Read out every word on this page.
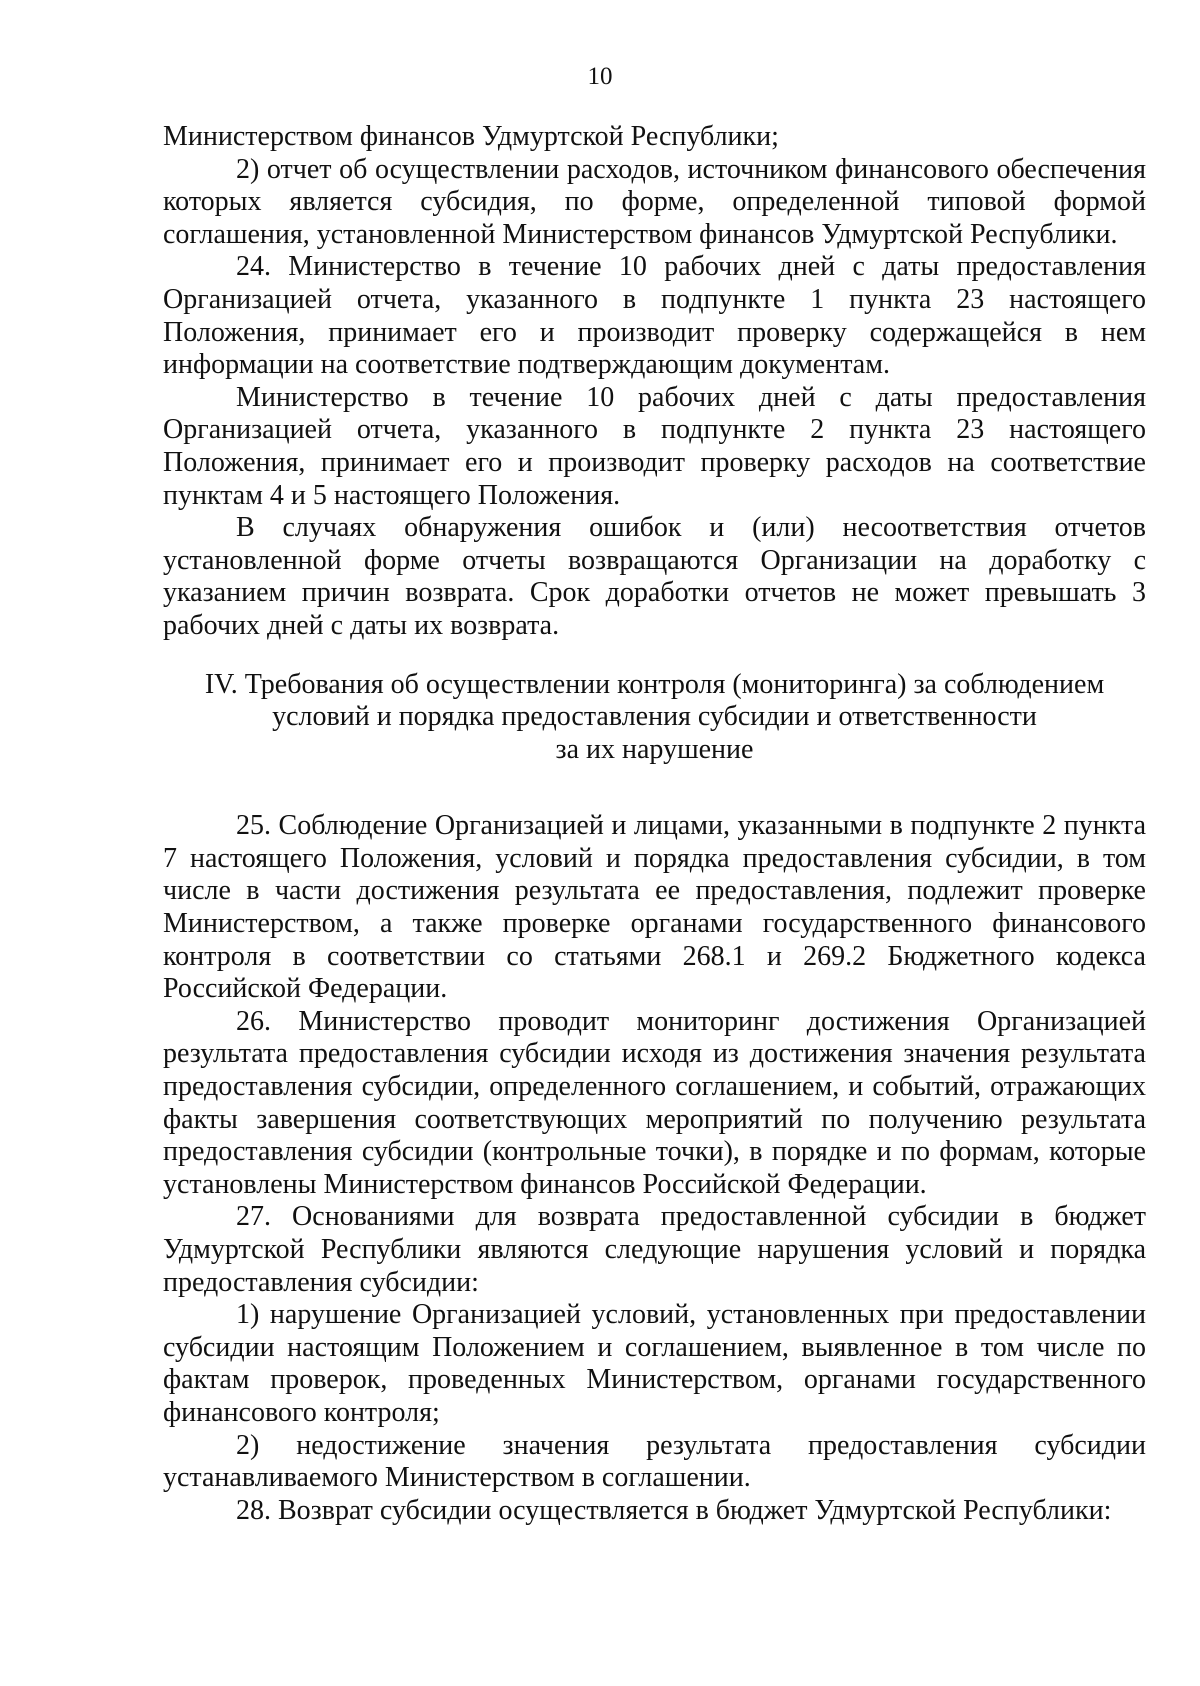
10

Министерством финансов Удмуртской Республики;

2) отчет об осуществлении расходов, источником финансового обеспечения которых является субсидия, по форме, определенной типовой формой соглашения, установленной Министерством финансов Удмуртской Республики.

24. Министерство в течение 10 рабочих дней с даты предоставления Организацией отчета, указанного в подпункте 1 пункта 23 настоящего Положения, принимает его и производит проверку содержащейся в нем информации на соответствие подтверждающим документам.

Министерство в течение 10 рабочих дней с даты предоставления Организацией отчета, указанного в подпункте 2 пункта 23 настоящего Положения, принимает его и производит проверку расходов на соответствие пунктам 4 и 5 настоящего Положения.

В случаях обнаружения ошибок и (или) несоответствия отчетов установленной форме отчеты возвращаются Организации на доработку с указанием причин возврата. Срок доработки отчетов не может превышать 3 рабочих дней с даты их возврата.

IV. Требования об осуществлении контроля (мониторинга) за соблюдением
условий и порядка предоставления субсидии и ответственности
за их нарушение

25. Соблюдение Организацией и лицами, указанными в подпункте 2 пункта 7 настоящего Положения, условий и порядка предоставления субсидии, в том числе в части достижения результата ее предоставления, подлежит проверке Министерством, а также проверке органами государственного финансового контроля в соответствии со статьями 268.1 и 269.2 Бюджетного кодекса Российской Федерации.

26. Министерство проводит мониторинг достижения Организацией результата предоставления субсидии исходя из достижения значения результата предоставления субсидии, определенного соглашением, и событий, отражающих факты завершения соответствующих мероприятий по получению результата предоставления субсидии (контрольные точки), в порядке и по формам, которые установлены Министерством финансов Российской Федерации.

27. Основаниями для возврата предоставленной субсидии в бюджет Удмуртской Республики являются следующие нарушения условий и порядка предоставления субсидии:

1) нарушение Организацией условий, установленных при предоставлении субсидии настоящим Положением и соглашением, выявленное в том числе по фактам проверок, проведенных Министерством, органами государственного финансового контроля;

2) недостижение значения результата предоставления субсидии устанавливаемого Министерством в соглашении.

28. Возврат субсидии осуществляется в бюджет Удмуртской Республики:
